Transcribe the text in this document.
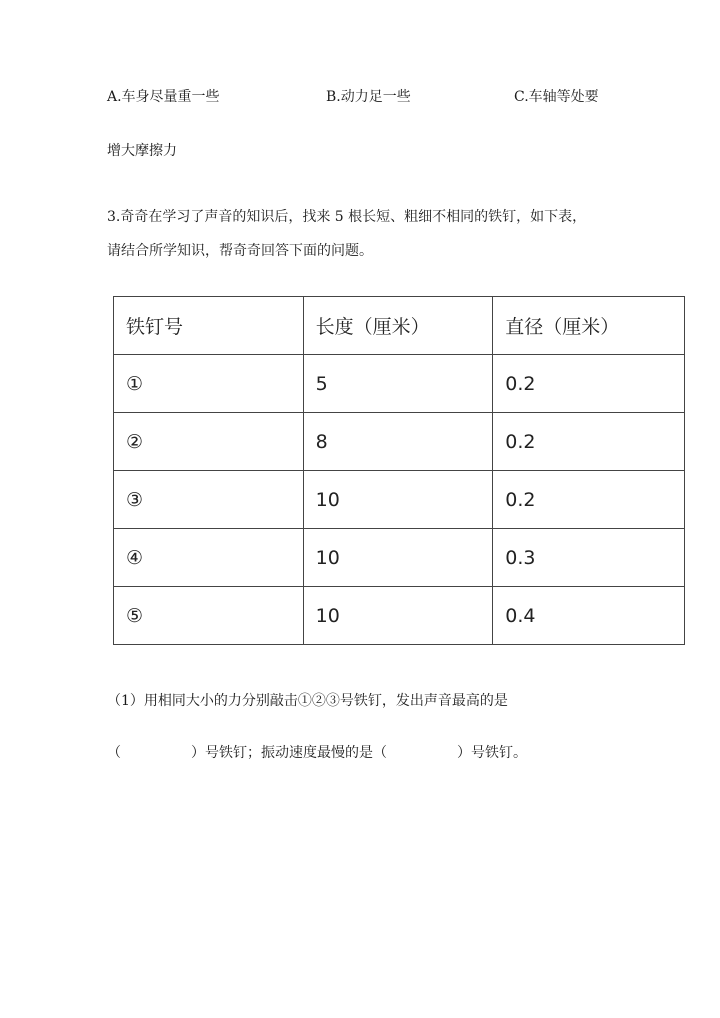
A.车身尽量重一些	B.动力足一些	C.车轴等处要
增大摩擦力
3.奇奇在学习了声音的知识后，找来 5 根长短、粗细不相同的铁钉，如下表，
请结合所学知识，帮奇奇回答下面的问题。
铁钉号	长度（厘米）	直径（厘米）
①	5	0.2
②	8	0.2
③	10	0.2
④	10	0.3
⑤	10	0.4
（1）用相同大小的力分别敲击①②③号铁钉，发出声音最高的是
（	）号铁钉；振动速度最慢的是（	）号铁钉。
